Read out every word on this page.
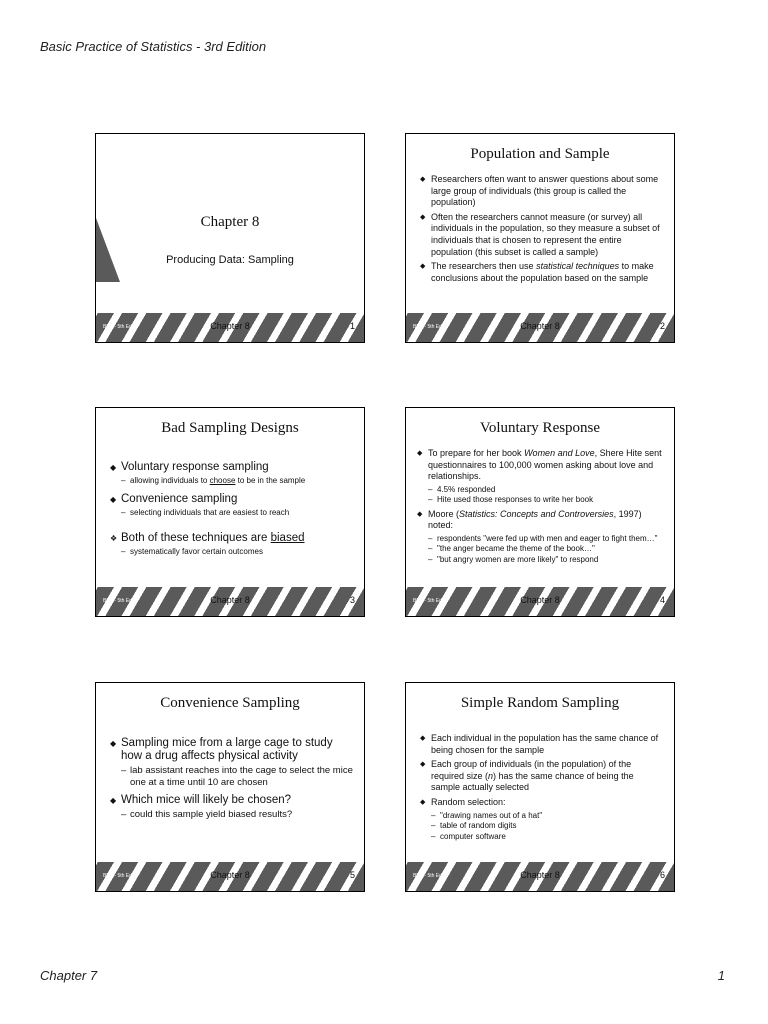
Basic Practice of Statistics - 3rd Edition
Chapter 8
Producing Data: Sampling
BPS - 5th Ed.	Chapter 8	1
Population and Sample
◆ Researchers often want to answer questions about some large group of individuals (this group is called the population)
◆ Often the researchers cannot measure (or survey) all individuals in the population, so they measure a subset of individuals that is chosen to represent the entire population (this subset is called a sample)
◆ The researchers then use statistical techniques to make conclusions about the population based on the sample
BPS - 5th Ed.	Chapter 8	2
Bad Sampling Designs
◆ Voluntary response sampling
– allowing individuals to choose to be in the sample
◆ Convenience sampling
– selecting individuals that are easiest to reach
❖ Both of these techniques are biased
– systematically favor certain outcomes
BPS - 5th Ed.	Chapter 8	3
Voluntary Response
◆ To prepare for her book Women and Love, Shere Hite sent questionnaires to 100,000 women asking about love and relationships.
– 4.5% responded
– Hite used those responses to write her book
◆ Moore (Statistics: Concepts and Controversies, 1997) noted:
– respondents "were fed up with men and eager to fight them…"
– "the anger became the theme of the book…"
– "but angry women are more likely" to respond
BPS - 5th Ed.	Chapter 8	4
Convenience Sampling
◆ Sampling mice from a large cage to study how a drug affects physical activity
– lab assistant reaches into the cage to select the mice one at a time until 10 are chosen
◆ Which mice will likely be chosen?
– could this sample yield biased results?
BPS - 5th Ed.	Chapter 8	5
Simple Random Sampling
◆ Each individual in the population has the same chance of being chosen for the sample
◆ Each group of individuals (in the population) of the required size (n) has the same chance of being the sample actually selected
◆ Random selection:
– "drawing names out of a hat"
– table of random digits
– computer software
BPS - 5th Ed.	Chapter 8	6
Chapter 7	1
